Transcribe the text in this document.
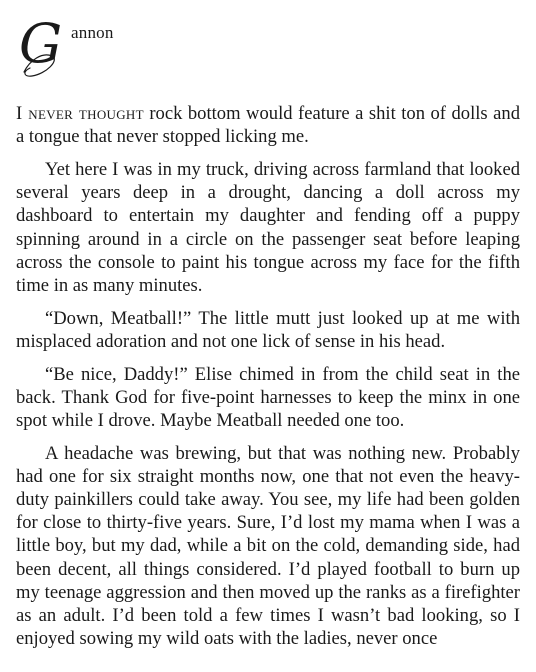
G annon

I never thought rock bottom would feature a shit ton of dolls and a tongue that never stopped licking me.

Yet here I was in my truck, driving across farmland that looked several years deep in a drought, dancing a doll across my dashboard to entertain my daughter and fending off a puppy spinning around in a circle on the passenger seat before leaping across the console to paint his tongue across my face for the fifth time in as many minutes.

“Down, Meatball!” The little mutt just looked up at me with misplaced adoration and not one lick of sense in his head.

“Be nice, Daddy!” Elise chimed in from the child seat in the back. Thank God for five-point harnesses to keep the minx in one spot while I drove. Maybe Meatball needed one too.

A headache was brewing, but that was nothing new. Probably had one for six straight months now, one that not even the heavy-duty painkillers could take away. You see, my life had been golden for close to thirty-five years. Sure, I’d lost my mama when I was a little boy, but my dad, while a bit on the cold, demanding side, had been decent, all things considered. I’d played football to burn up my teenage aggression and then moved up the ranks as a firefighter as an adult. I’d been told a few times I wasn’t bad looking, so I enjoyed sowing my wild oats with the ladies, never once
